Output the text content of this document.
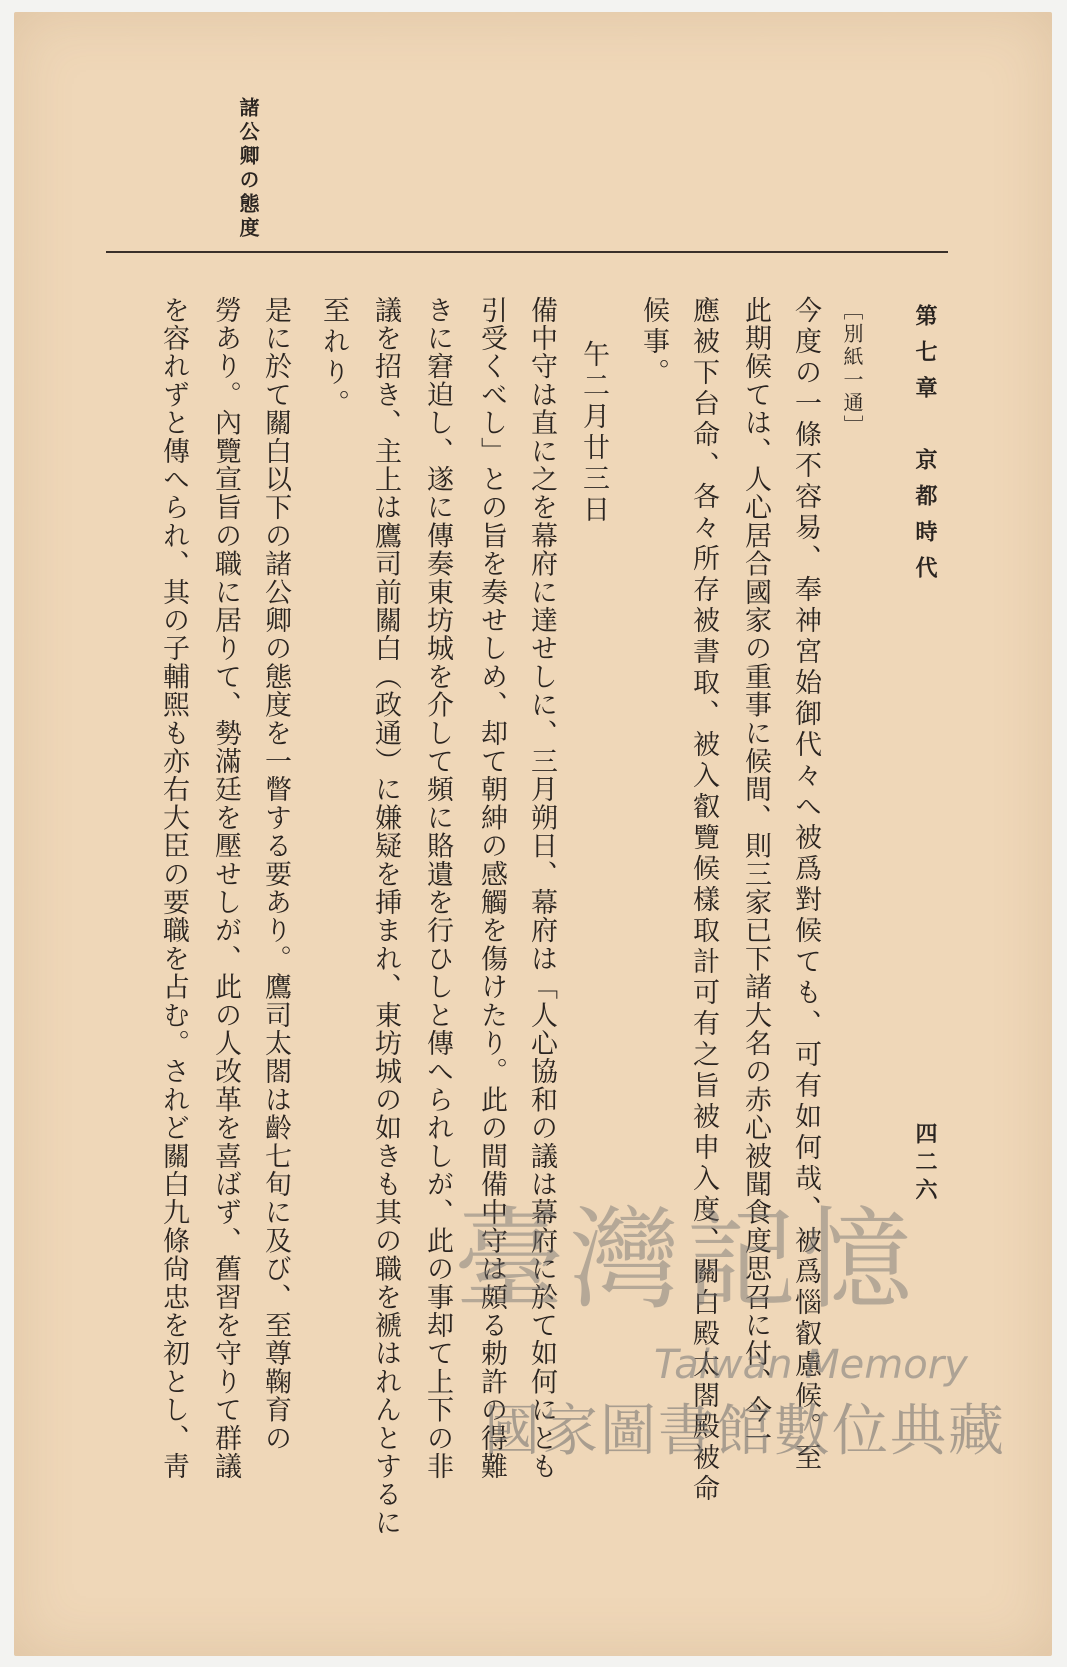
第七章　京都時代
四二六
諸公卿の態度
［別紙一通］
今度の一條不容易、奉神宮始御代々へ被爲對候ても、可有如何哉、被爲惱叡慮候。至
此期候ては、人心居合國家の重事に候間、則三家已下諸大名の赤心被聞食度思召に付、今一
應被下台命、各々所存被書取、被入叡覽候樣取計可有之旨被申入度、關白殿太閤殿被命
候事。
午二月廿三日
備中守は直に之を幕府に達せしに、三月朔日、幕府は「人心協和の議は幕府に於て如何にとも
引受くべし」との旨を奏せしめ、却て朝紳の感觸を傷けたり。此の間備中守は頗る勅許の得難
きに窘迫し、遂に傳奏東坊城を介して頻に賂遺を行ひしと傳へられしが、此の事却て上下の非
議を招き、主上は鷹司前關白（政通）に嫌疑を挿まれ、東坊城の如きも其の職を褫はれんとするに
至れり。
是に於て關白以下の諸公卿の態度を一瞥する要あり。鷹司太閤は齡七旬に及び、至尊鞠育の
勞あり。內覽宣旨の職に居りて、勢滿廷を壓せしが、此の人改革を喜ばず、舊習を守りて群議
を容れずと傳へられ、其の子輔煕も亦右大臣の要職を占む。されど關白九條尙忠を初とし、靑 臺灣記憶
Taiwan Memory
國家圖書館數位典藏
